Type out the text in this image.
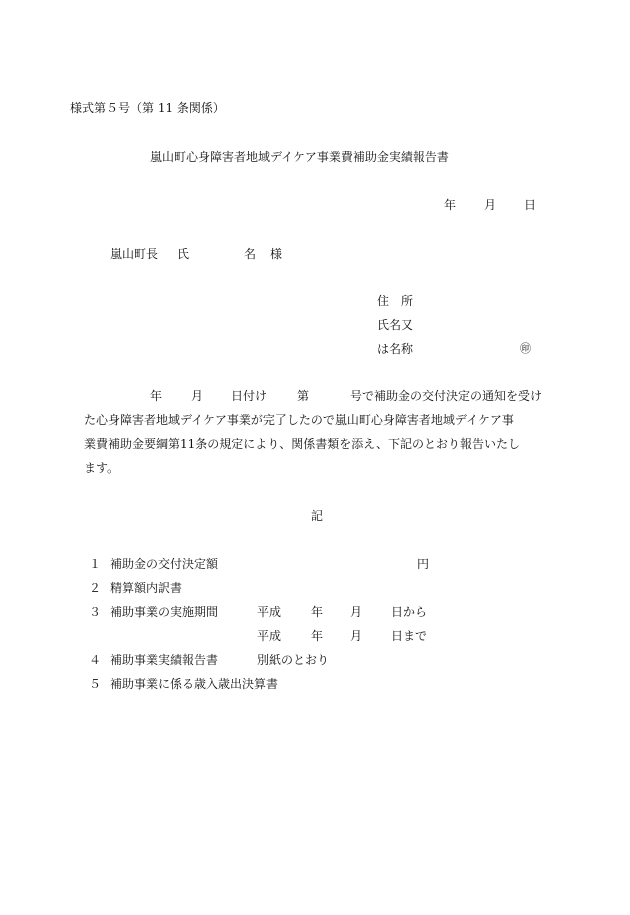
様式第５号（第 11 条関係）
嵐山町心身障害者地域デイケア事業費補助金実績報告書
年 月 日
嵐山町長 氏	名 様
住　所
氏名又
は名称	㊞
年 月 日付け 第	号で補助金の交付決定の通知を受け
た心身障害者地域デイケア事業が完了したので嵐山町心身障害者地域デイケア事
業費補助金要綱第11条の規定により、関係書類を添え、下記のとおり報告いたし
ます。
記
１ 補助金の交付決定額	円
２ 精算額内訳書
３ 補助事業の実施期間	平成 年 月 日から
平成 年 月 日まで
４ 補助事業実績報告書	別紙のとおり
５ 補助事業に係る歳入歳出決算書
